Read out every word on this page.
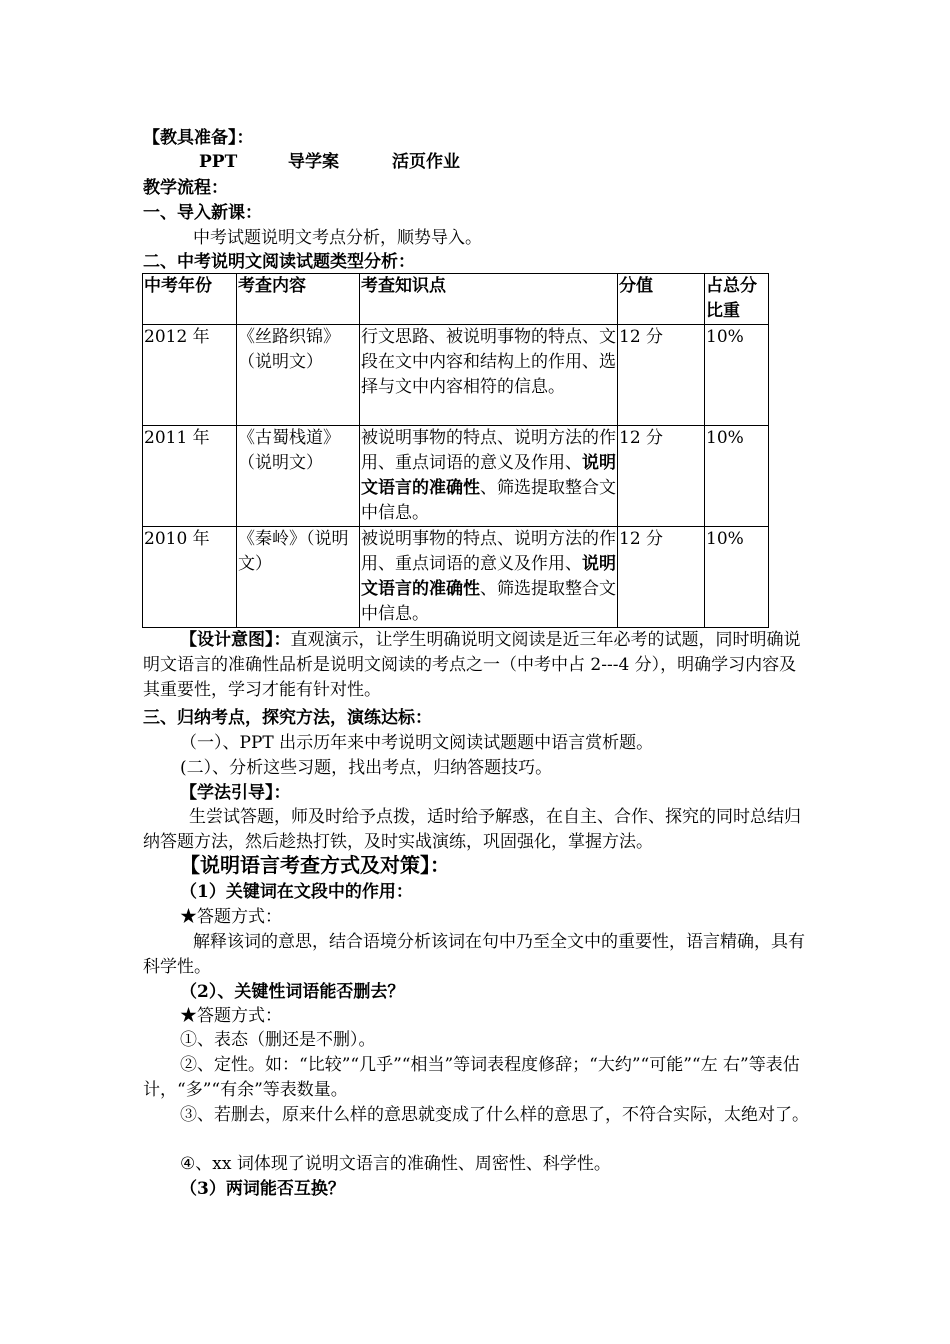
【教具准备】：
PPT	导学案	活页作业
教学流程：
一、导入新课：
中考试题说明文考点分析，顺势导入。
二、中考说明文阅读试题类型分析：
中考年份	考查内容	考查知识点	分值	占总分比重
2012 年	《丝路织锦》（说明文）	行文思路、被说明事物的特点、文段在文中内容和结构上的作用、选择与文中内容相符的信息。	12 分	10%
2011 年	《古蜀栈道》（说明文）	被说明事物的特点、说明方法的作用、重点词语的意义及作用、说明文语言的准确性、筛选提取整合文中信息。	12 分	10%
2010 年	《秦岭》（说明文）	被说明事物的特点、说明方法的作用、重点词语的意义及作用、说明文语言的准确性、筛选提取整合文中信息。	12 分	10%
【设计意图】：直观演示，让学生明确说明文阅读是近三年必考的试题，同时明确说明文语言的准确性品析是说明文阅读的考点之一（中考中占 2---4 分），明确学习内容及其重要性，学习才能有针对性。
三、归纳考点，探究方法，演练达标：
（一）、PPT 出示历年来中考说明文阅读试题题中语言赏析题。
(二）、分析这些习题，找出考点，归纳答题技巧。
【学法引导】：
生尝试答题，师及时给予点拨，适时给予解惑，在自主、合作、探究的同时总结归纳答题方法，然后趁热打铁，及时实战演练，巩固强化，掌握方法。
【说明语言考查方式及对策】：
（1）关键词在文段中的作用：
★答题方式：
解释该词的意思，结合语境分析该词在句中乃至全文中的重要性，语言精确，具有科学性。
（2）、关键性词语能否删去？
★答题方式：
①、表态（删还是不删）。
②、定性。如：“比较”“几乎”“相当”等词表程度修辞；“大约”“可能”“左 右”等表估计，“多”“有余”等表数量。
③、若删去，原来什么样的意思就变成了什么样的意思了，不符合实际，太绝对了。
④、xx 词体现了说明文语言的准确性、周密性、科学性。
（3）两词能否互换？
